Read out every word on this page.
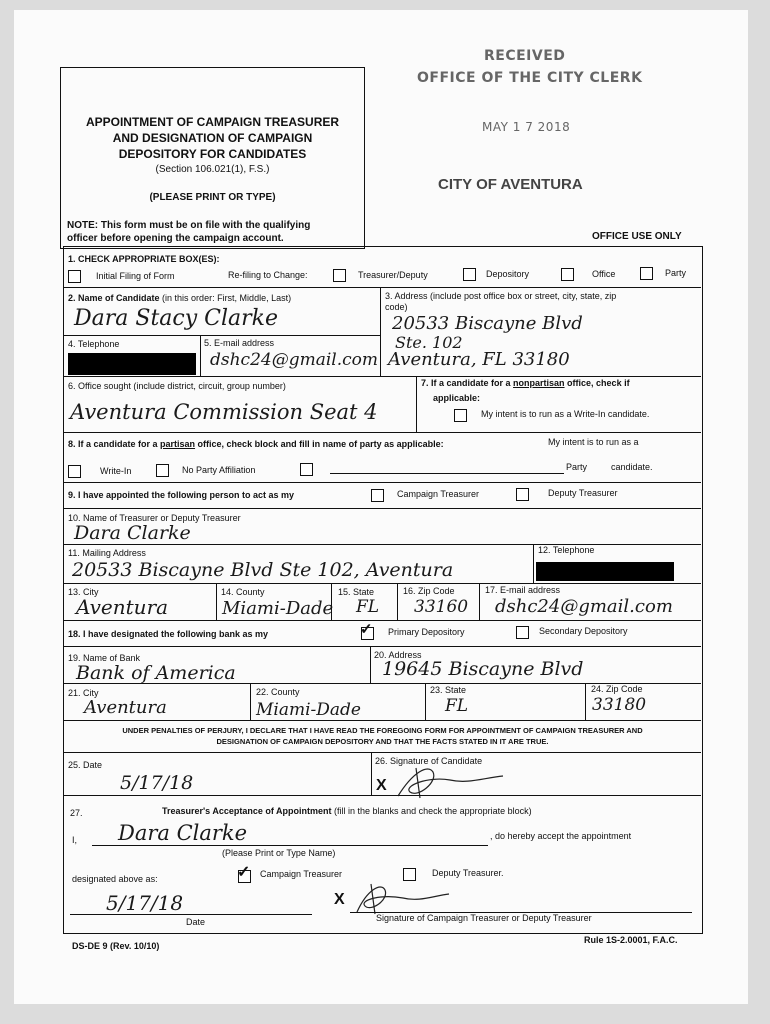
RECEIVED
OFFICE OF THE CITY CLERK
MAY 1 7 2018
CITY OF AVENTURA
APPOINTMENT OF CAMPAIGN TREASURER
AND DESIGNATION OF CAMPAIGN
DEPOSITORY FOR CANDIDATES
(Section 106.021(1), F.S.)
(PLEASE PRINT OR TYPE)
NOTE: This form must be on file with the qualifying
officer before opening the campaign account.	OFFICE USE ONLY
1. CHECK APPROPRIATE BOX(ES):
Initial Filing of Form	Re-filing to Change:	Treasurer/Deputy	Depository	Office	Party
2. Name of Candidate (in this order: First, Middle, Last)
Dara Stacy Clarke
3. Address (include post office box or street, city, state, zip
code)
20533 Biscayne Blvd
Ste. 102
Aventura, FL 33180
4. Telephone	5. E-mail address
dshc24@gmail.com
6. Office sought (include district, circuit, group number)
Aventura Commission Seat 4
7. If a candidate for a nonpartisan office, check if
applicable:
My intent is to run as a Write-In candidate.
8. If a candidate for a partisan office, check block and fill in name of party as applicable:	My intent is to run as a
Write-In	No Party Affiliation	Party	candidate.
9. I have appointed the following person to act as my	Campaign Treasurer	Deputy Treasurer
10. Name of Treasurer or Deputy Treasurer
Dara Clarke
11. Mailing Address
20533 Biscayne Blvd Ste 102, Aventura
12. Telephone
13. City
Aventura
14. County
Miami-Dade
15. State
FL
16. Zip Code
33160
17. E-mail address
dshc24@gmail.com
18. I have designated the following bank as my	✓ Primary Depository	Secondary Depository
19. Name of Bank
Bank of America
20. Address
19645 Biscayne Blvd
21. City
Aventura
22. County
Miami-Dade
23. State
FL
24. Zip Code
33180
UNDER PENALTIES OF PERJURY, I DECLARE THAT I HAVE READ THE FOREGOING FORM FOR APPOINTMENT OF CAMPAIGN TREASURER AND
DESIGNATION OF CAMPAIGN DEPOSITORY AND THAT THE FACTS STATED IN IT ARE TRUE.
25. Date
5/17/18
26. Signature of Candidate
X
27.	Treasurer's Acceptance of Appointment (fill in the blanks and check the appropriate block)
I, Dara Clarke	, do hereby accept the appointment
(Please Print or Type Name)
designated above as:	✓ Campaign Treasurer	Deputy Treasurer.
5/17/18
Date
X
Signature of Campaign Treasurer or Deputy Treasurer
DS-DE 9 (Rev. 10/10)
Rule 1S-2.0001, F.A.C.
